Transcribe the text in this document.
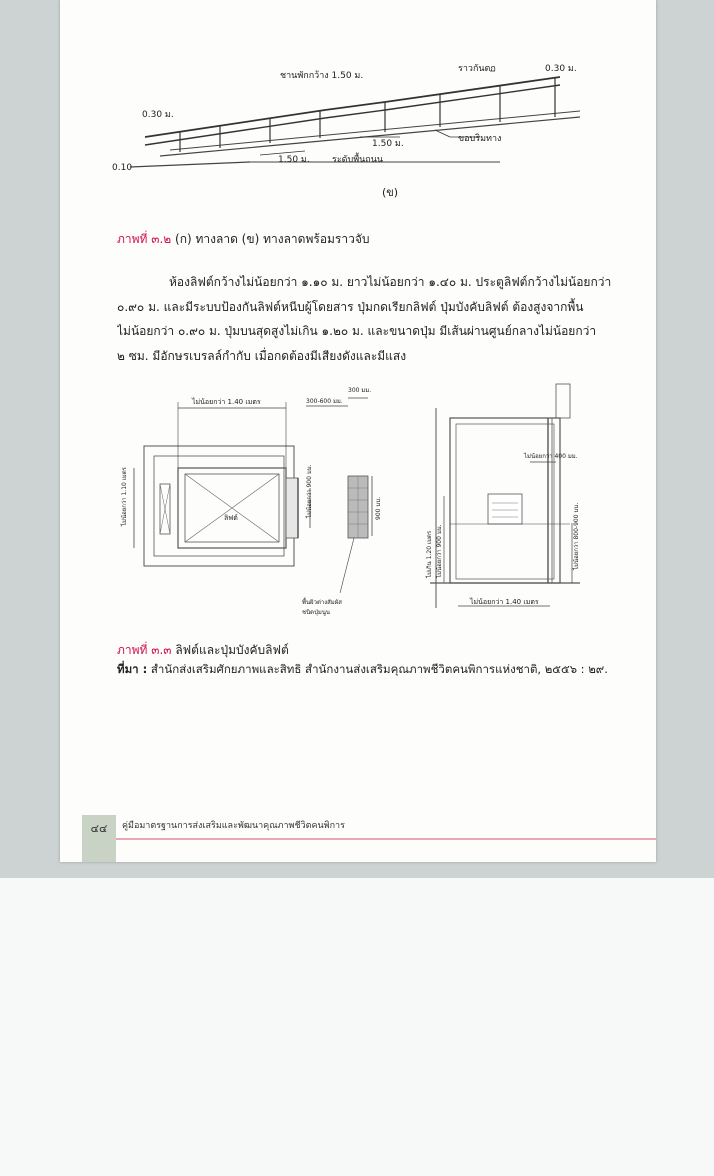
ชานพักกว้าง 1.50 ม.
ราวกันตก	0.30 ม.
0.30 ม.
0.10
1.50 ม.
1.50 ม.
ระดับพื้นถนน
ขอบริมทาง
(ข)
ภาพที่ ๓.๒ (ก) ทางลาด (ข) ทางลาดพร้อมราวจับ
ห้องลิฟต์กว้างไม่น้อยกว่า ๑.๑๐ ม. ยาวไม่น้อยกว่า ๑.๔๐ ม. ประตูลิฟต์กว้างไม่น้อยกว่า
๐.๙๐ ม. และมีระบบป้องกันลิฟต์หนีบผู้โดยสาร ปุ่มกดเรียกลิฟต์ ปุ่มบังคับลิฟต์ ต้องสูงจากพื้น
ไม่น้อยกว่า ๐.๙๐ ม. ปุ่มบนสุดสูงไม่เกิน ๑.๒๐ ม. และขนาดปุ่ม มีเส้นผ่านศูนย์กลางไม่น้อยกว่า
๒ ซม. มีอักษรเบรลล์กำกับ เมื่อกดต้องมีเสียงดังและมีแสง
ไม่น้อยกว่า 1.40 เมตร
ลิฟต์	ไม่น้อยกว่า 900 มม.	900 มม.
ไม่น้อยกว่า 1.10 เมตร
300-600 มม.
300 มม.
พื้นผิวต่างสัมผัส
ชนิดปุ่มนูน
ไม่เกิน 1.20 เมตร ไม่น้อยกว่า 900 มม.
ไม่น้อยกว่า 400 มม.
ไม่น้อยกว่า 800-900 มม.
ไม่น้อยกว่า 1.40 เมตร
ภาพที่ ๓.๓ ลิฟต์และปุ่มบังคับลิฟต์
ที่มา : สำนักส่งเสริมศักยภาพและสิทธิ สำนักงานส่งเสริมคุณภาพชีวิตคนพิการแห่งชาติ, ๒๕๕๖ : ๒๙.
๔๔	คู่มือมาตรฐานการส่งเสริมและพัฒนาคุณภาพชีวิตคนพิการ
